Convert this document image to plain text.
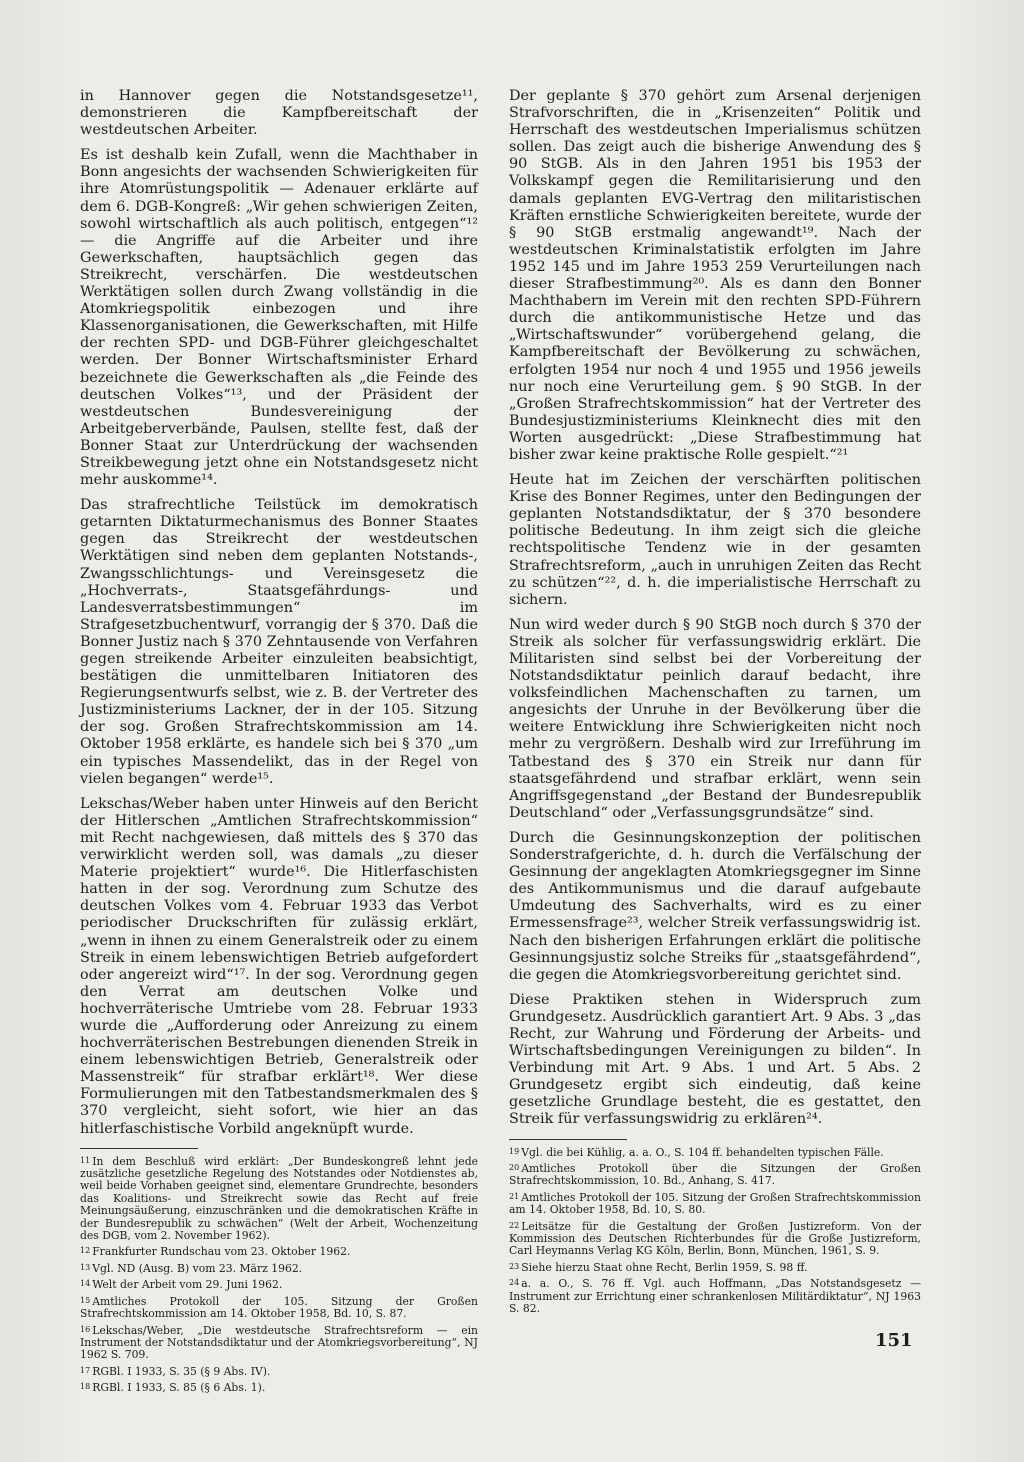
in Hannover gegen die Notstandsgesetze¹¹, demonstrieren die Kampfbereitschaft der westdeutschen Arbeiter.

Es ist deshalb kein Zufall, wenn die Machthaber in Bonn angesichts der wachsenden Schwierigkeiten für ihre Atomrüstungspolitik — Adenauer erklärte auf dem 6. DGB-Kongreß: „Wir gehen schwierigen Zeiten, sowohl wirtschaftlich als auch politisch, entgegen“¹² — die Angriffe auf die Arbeiter und ihre Gewerkschaften, hauptsächlich gegen das Streikrecht, verschärfen. Die westdeutschen Werktätigen sollen durch Zwang vollständig in die Atomkriegspolitik einbezogen und ihre Klassenorganisationen, die Gewerkschaften, mit Hilfe der rechten SPD- und DGB-Führer gleichgeschaltet werden. Der Bonner Wirtschaftsminister Erhard bezeichnete die Gewerkschaften als „die Feinde des deutschen Volkes“¹³, und der Präsident der westdeutschen Bundesvereinigung der Arbeitgeberverbände, Paulsen, stellte fest, daß der Bonner Staat zur Unterdrückung der wachsenden Streikbewegung jetzt ohne ein Notstandsgesetz nicht mehr auskomme¹⁴.

Das strafrechtliche Teilstück im demokratisch getarnten Diktaturmechanismus des Bonner Staates gegen das Streikrecht der westdeutschen Werktätigen sind neben dem geplanten Notstands-, Zwangsschlichtungs- und Vereinsgesetz die „Hochverrats-, Staatsgefährdungs- und Landesverratsbestimmungen“ im Strafgesetzbuchentwurf, vorrangig der § 370. Daß die Bonner Justiz nach § 370 Zehntausende von Verfahren gegen streikende Arbeiter einzuleiten beabsichtigt, bestätigen die unmittelbaren Initiatoren des Regierungsentwurfs selbst, wie z. B. der Vertreter des Justizministeriums Lackner, der in der 105. Sitzung der sog. Großen Strafrechtskommission am 14. Oktober 1958 erklärte, es handele sich bei § 370 „um ein typisches Massendelikt, das in der Regel von vielen begangen“ werde¹⁵.

Lekschas/Weber haben unter Hinweis auf den Bericht der Hitlerschen „Amtlichen Strafrechtskommission“ mit Recht nachgewiesen, daß mittels des § 370 das verwirklicht werden soll, was damals „zu dieser Materie projektiert“ wurde¹⁶. Die Hitlerfaschisten hatten in der sog. Verordnung zum Schutze des deutschen Volkes vom 4. Februar 1933 das Verbot periodischer Druckschriften für zulässig erklärt, „wenn in ihnen zu einem Generalstreik oder zu einem Streik in einem lebenswichtigen Betrieb aufgefordert oder angereizt wird“¹⁷. In der sog. Verordnung gegen den Verrat am deutschen Volke und hochverräterische Umtriebe vom 28. Februar 1933 wurde die „Aufforderung oder Anreizung zu einem hochverräterischen Bestrebungen dienenden Streik in einem lebenswichtigen Betrieb, Generalstreik oder Massenstreik“ für strafbar erklärt¹⁸. Wer diese Formulierungen mit den Tatbestandsmerkmalen des § 370 vergleicht, sieht sofort, wie hier an das hitlerfaschistische Vorbild angeknüpft wurde.

11 In dem Beschluß wird erklärt: „Der Bundeskongreß lehnt jede zusätzliche gesetzliche Regelung des Notstandes oder Notdienstes ab, weil beide Vorhaben geeignet sind, elementare Grundrechte, besonders das Koalitions- und Streikrecht sowie das Recht auf freie Meinungsäußerung, einzuschränken und die demokratischen Kräfte in der Bundesrepublik zu schwächen“ (Welt der Arbeit, Wochenzeitung des DGB, vom 2. November 1962).

12 Frankfurter Rundschau vom 23. Oktober 1962.

13 Vgl. ND (Ausg. B) vom 23. März 1962.

14 Welt der Arbeit vom 29. Juni 1962.

15 Amtliches Protokoll der 105. Sitzung der Großen Strafrechtskommission am 14. Oktober 1958, Bd. 10, S. 87.

16 Lekschas/Weber, „Die westdeutsche Strafrechtsreform — ein Instrument der Notstandsdiktatur und der Atomkriegsvorbereitung“, NJ 1962 S. 709.

17 RGBl. I 1933, S. 35 (§ 9 Abs. IV).

18 RGBl. I 1933, S. 85 (§ 6 Abs. 1).

Der geplante § 370 gehört zum Arsenal derjenigen Strafvorschriften, die in „Krisenzeiten“ Politik und Herrschaft des westdeutschen Imperialismus schützen sollen. Das zeigt auch die bisherige Anwendung des § 90 StGB. Als in den Jahren 1951 bis 1953 der Volkskampf gegen die Remilitarisierung und den damals geplanten EVG-Vertrag den militaristischen Kräften ernstliche Schwierigkeiten bereitete, wurde der § 90 StGB erstmalig angewandt¹⁹. Nach der westdeutschen Kriminalstatistik erfolgten im Jahre 1952 145 und im Jahre 1953 259 Verurteilungen nach dieser Strafbestimmung²⁰. Als es dann den Bonner Machthabern im Verein mit den rechten SPD-Führern durch die antikommunistische Hetze und das „Wirtschaftswunder“ vorübergehend gelang, die Kampfbereitschaft der Bevölkerung zu schwächen, erfolgten 1954 nur noch 4 und 1955 und 1956 jeweils nur noch eine Verurteilung gem. § 90 StGB. In der „Großen Strafrechtskommission“ hat der Vertreter des Bundesjustizministeriums Kleinknecht dies mit den Worten ausgedrückt: „Diese Strafbestimmung hat bisher zwar keine praktische Rolle gespielt.“²¹

Heute hat im Zeichen der verschärften politischen Krise des Bonner Regimes, unter den Bedingungen der geplanten Notstandsdiktatur, der § 370 besondere politische Bedeutung. In ihm zeigt sich die gleiche rechtspolitische Tendenz wie in der gesamten Strafrechtsreform, „auch in unruhigen Zeiten das Recht zu schützen“²², d. h. die imperialistische Herrschaft zu sichern.

Nun wird weder durch § 90 StGB noch durch § 370 der Streik als solcher für verfassungswidrig erklärt. Die Militaristen sind selbst bei der Vorbereitung der Notstandsdiktatur peinlich darauf bedacht, ihre volksfeindlichen Machenschaften zu tarnen, um angesichts der Unruhe in der Bevölkerung über die weitere Entwicklung ihre Schwierigkeiten nicht noch mehr zu vergrößern. Deshalb wird zur Irreführung im Tatbestand des § 370 ein Streik nur dann für staatsgefährdend und strafbar erklärt, wenn sein Angriffsgegenstand „der Bestand der Bundesrepublik Deutschland“ oder „Verfassungsgrundsätze“ sind.

Durch die Gesinnungskonzeption der politischen Sonderstrafgerichte, d. h. durch die Verfälschung der Gesinnung der angeklagten Atomkriegsgegner im Sinne des Antikommunismus und die darauf aufgebaute Umdeutung des Sachverhalts, wird es zu einer Ermessensfrage²³, welcher Streik verfassungswidrig ist. Nach den bisherigen Erfahrungen erklärt die politische Gesinnungsjustiz solche Streiks für „staatsgefährdend“, die gegen die Atomkriegsvorbereitung gerichtet sind.

Diese Praktiken stehen in Widerspruch zum Grundgesetz. Ausdrücklich garantiert Art. 9 Abs. 3 „das Recht, zur Wahrung und Förderung der Arbeits- und Wirtschaftsbedingungen Vereinigungen zu bilden“. In Verbindung mit Art. 9 Abs. 1 und Art. 5 Abs. 2 Grundgesetz ergibt sich eindeutig, daß keine gesetzliche Grundlage besteht, die es gestattet, den Streik für verfassungswidrig zu erklären²⁴.

19 Vgl. die bei Kühlig, a. a. O., S. 104 ff. behandelten typischen Fälle.

20 Amtliches Protokoll über die Sitzungen der Großen Strafrechtskommission, 10. Bd., Anhang, S. 417.

21 Amtliches Protokoll der 105. Sitzung der Großen Strafrechtskommission am 14. Oktober 1958, Bd. 10, S. 80.

22 Leitsätze für die Gestaltung der Großen Justizreform. Von der Kommission des Deutschen Richterbundes für die Große Justizreform, Carl Heymanns Verlag KG Köln, Berlin, Bonn, München, 1961, S. 9.

23 Siehe hierzu Staat ohne Recht, Berlin 1959, S. 98 ff.

24 a. a. O., S. 76 ff. Vgl. auch Hoffmann, „Das Notstandsgesetz — Instrument zur Errichtung einer schrankenlosen Militärdiktatur“, NJ 1963 S. 82.

151
